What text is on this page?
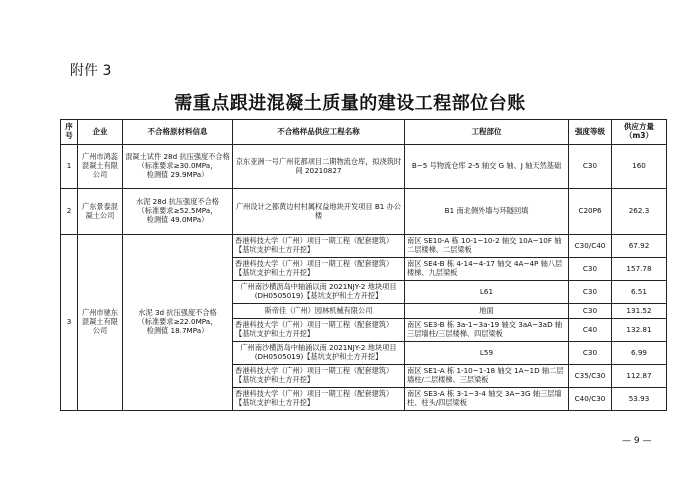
附件 3
需重点跟进混凝土质量的建设工程部位台账
序号	企业	不合格原材料信息	不合格样品供应工程名称	工程部位	强度等级	供应方量
（m3）
1	广州市鸿蕊混凝土有限公司	混凝土试件 28d 抗压强度不合格
（标准要求≥30.0MPa，
检测值 29.9MPa）	京东亚洲一号广州花都项目二期物流仓库，拟浇筑时间 20210827	B~5 号物流仓库 2-5 轴交 G 轴、J 轴天然基础	C30	160
2	广东景泰混凝土公司	水泥 28d 抗压强度不合格
（标准要求≥52.5MPa，
检测值 49.0MPa）	广州设计之都黄边村村属权益地块开发项目 B1 办公楼	B1 南北侧外墙与环隧回填	C20P6	262.3
3	广州市驰东混凝土有限公司	水泥 3d 抗压强度不合格
（标准要求≥22.0MPa，
检测值 18.7MPa）	香港科技大学（广州）项目一期工程（配套建筑）【基坑支护和土方开挖】	南区 SE10-A 栋 10-1~10-2 轴交 10A~10F 轴二层楼梯、二层梁板	C30/C40	67.92
			香港科技大学（广州）项目一期工程（配套建筑）【基坑支护和土方开挖】	南区 SE4-B 栋 4-14~4-17 轴交 4A~4P 轴八层楼梯、九层梁板	C30	157.78
			广州南沙横沥岛中轴涌以南 2021NJY-2 地块项目(DH0505019)【基坑支护和土方开挖】	L61	C30	6.51
			斯帝佳（广州）园林机械有限公司	地面	C30	131.52
			香港科技大学（广州）项目一期工程（配套建筑）【基坑支护和土方开挖】	南区 SE3-B 栋 3a-1~3a-19 轴交 3aA~3aD 轴三层墙柱/三层楼梯、四层梁板	C40	132.81
			广州南沙横沥岛中轴涌以南 2021NJY-2 地块项目(DH0505019)【基坑支护和土方开挖】	L59	C30	6.99
			香港科技大学（广州）项目一期工程（配套建筑）【基坑支护和土方开挖】	南区 SE1-A 栋 1-10~1-18 轴交 1A~1D 轴二层墙柱/二层楼梯、三层梁板	C35/C30	112.87
			香港科技大学（广州）项目一期工程（配套建筑）【基坑支护和土方开挖】	南区 SE3-A 栋 3-1~3-4 轴交 3A~3G 轴三层墙柱、柱头/四层梁板	C40/C30	53.93
— 9 —
